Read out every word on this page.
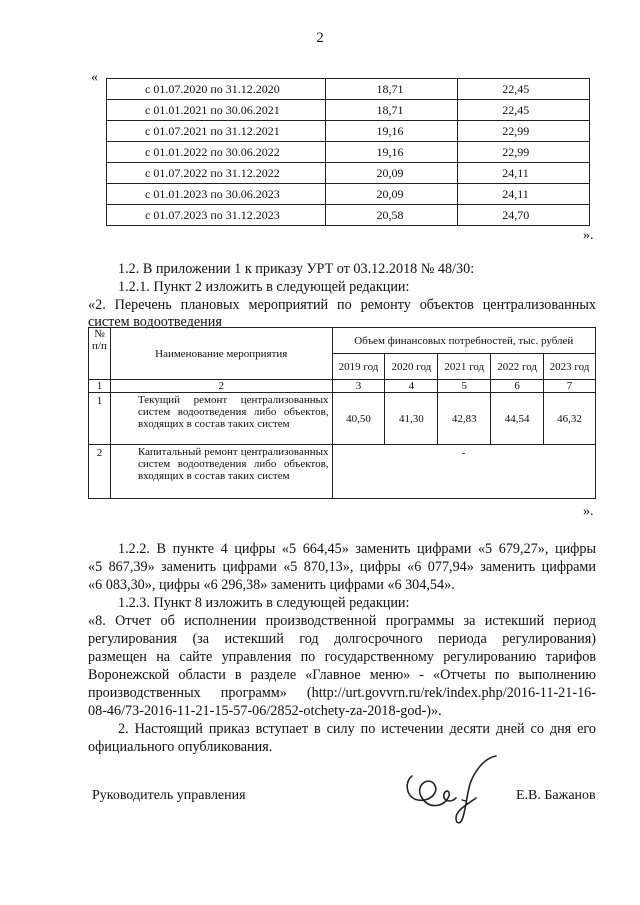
2
«
с 01.07.2020 по 31.12.2020	18,71	22,45
с 01.01.2021 по 30.06.2021	18,71	22,45
с 01.07.2021 по 31.12.2021	19,16	22,99
с 01.01.2022 по 30.06.2022	19,16	22,99
с 01.07.2022 по 31.12.2022	20,09	24,11
с 01.01.2023 по 30.06.2023	20,09	24,11
с 01.07.2023 по 31.12.2023	20,58	24,70
».
1.2. В приложении 1 к приказу УРТ от 03.12.2018 № 48/30:
1.2.1. Пункт 2 изложить в следующей редакции:
«2. Перечень плановых мероприятий по ремонту объектов централизованных
систем водоотведения
№ п/п	Наименование мероприятия	Объем финансовых потребностей, тыс. рублей				
		2019 год	2020 год	2021 год	2022 год	2023 год
1	2	3	4	5	6	7
1	Текущий ремонт централизованных систем водоотведения либо объектов, входящих в состав таких систем	40,50	41,30	42,83	44,54	46,32
2	Капитальный ремонт централизованных систем водоотведения либо объектов, входящих в состав таких систем	-				
».
1.2.2. В пункте 4 цифры «5 664,45» заменить цифрами «5 679,27», цифры
«5 867,39» заменить цифрами «5 870,13», цифры «6 077,94» заменить цифрами
«6 083,30», цифры «6 296,38» заменить цифрами «6 304,54».
1.2.3. Пункт 8 изложить в следующей редакции:
«8. Отчет об исполнении производственной программы за истекший период
регулирования (за истекший год долгосрочного периода регулирования)
размещен на сайте управления по государственному регулированию тарифов
Воронежской области в разделе «Главное меню» - «Отчеты по выполнению
производственных программ» (http://urt.govvrn.ru/rek/index.php/2016-11-21-16-
08-46/73-2016-11-21-15-57-06/2852-otchety-za-2018-god-)».
2. Настоящий приказ вступает в силу по истечении десяти дней со дня его
официального опубликования.
Руководитель управления	Е.В. Бажанов
